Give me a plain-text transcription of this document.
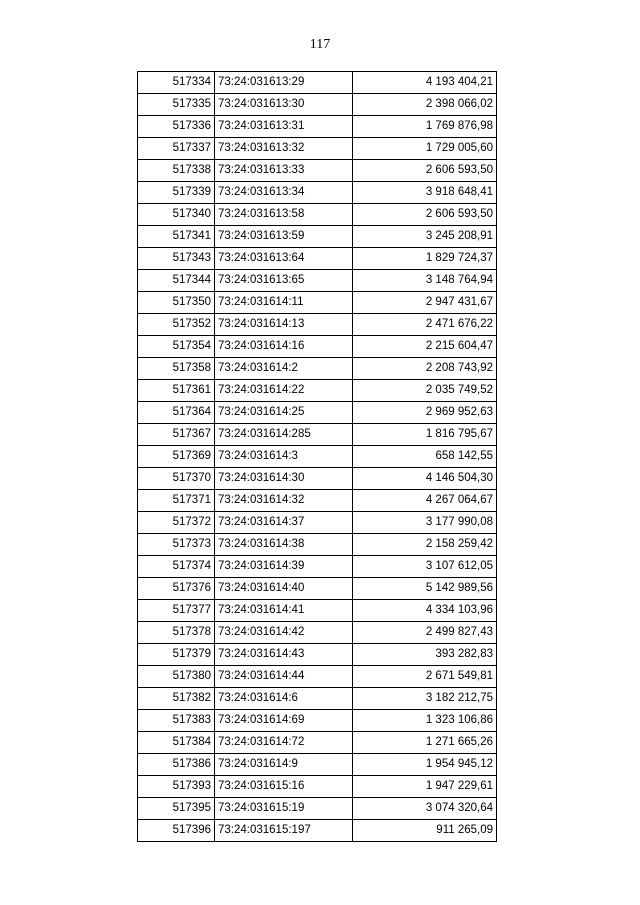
117
517334	73:24:031613:29	4 193 404,21
517335	73:24:031613:30	2 398 066,02
517336	73:24:031613:31	1 769 876,98
517337	73:24:031613:32	1 729 005,60
517338	73:24:031613:33	2 606 593,50
517339	73:24:031613:34	3 918 648,41
517340	73:24:031613:58	2 606 593,50
517341	73:24:031613:59	3 245 208,91
517343	73:24:031613:64	1 829 724,37
517344	73:24:031613:65	3 148 764,94
517350	73:24:031614:11	2 947 431,67
517352	73:24:031614:13	2 471 676,22
517354	73:24:031614:16	2 215 604,47
517358	73:24:031614:2	2 208 743,92
517361	73:24:031614:22	2 035 749,52
517364	73:24:031614:25	2 969 952,63
517367	73:24:031614:285	1 816 795,67
517369	73:24:031614:3	658 142,55
517370	73:24:031614:30	4 146 504,30
517371	73:24:031614:32	4 267 064,67
517372	73:24:031614:37	3 177 990,08
517373	73:24:031614:38	2 158 259,42
517374	73:24:031614:39	3 107 612,05
517376	73:24:031614:40	5 142 989,56
517377	73:24:031614:41	4 334 103,96
517378	73:24:031614:42	2 499 827,43
517379	73:24:031614:43	393 282,83
517380	73:24:031614:44	2 671 549,81
517382	73:24:031614:6	3 182 212,75
517383	73:24:031614:69	1 323 106,86
517384	73:24:031614:72	1 271 665,26
517386	73:24:031614:9	1 954 945,12
517393	73:24:031615:16	1 947 229,61
517395	73:24:031615:19	3 074 320,64
517396	73:24:031615:197	911 265,09
